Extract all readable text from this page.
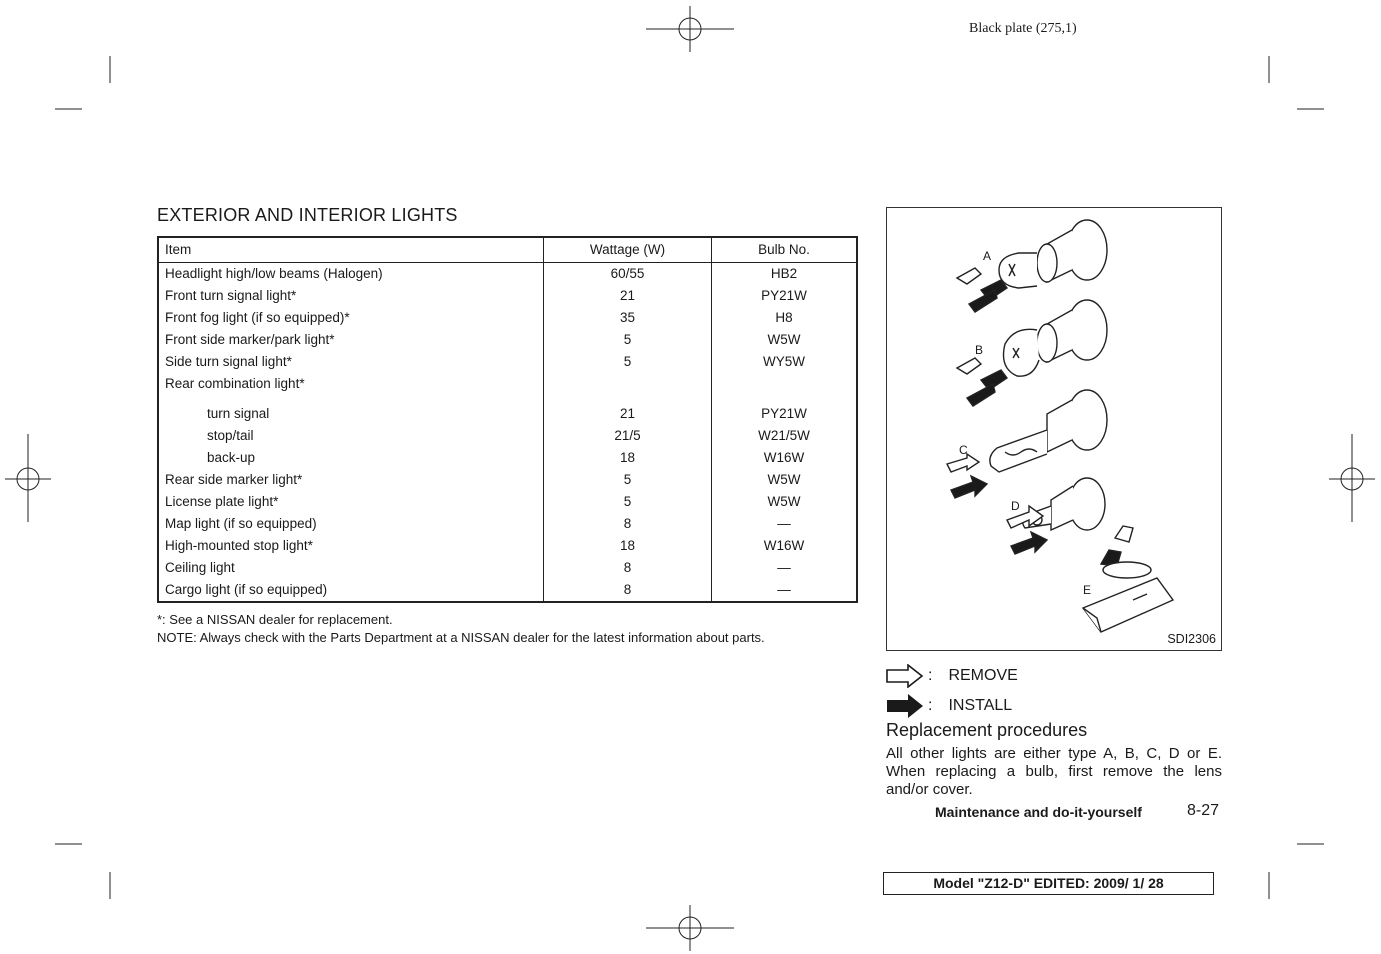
Black plate (275,1)
EXTERIOR AND INTERIOR LIGHTS
Item	Wattage (W)	Bulb No.
Headlight high/low beams (Halogen)	60/55	HB2
Front turn signal light*	21	PY21W
Front fog light (if so equipped)*	35	H8
Front side marker/park light*	5	W5W
Side turn signal light*	5	WY5W
Rear combination light*		
turn signal	21	PY21W
stop/tail	21/5	W21/5W
back-up	18	W16W
Rear side marker light*	5	W5W
License plate light*	5	W5W
Map light (if so equipped)	8	—
High-mounted stop light*	18	W16W
Ceiling light	8	—
Cargo light (if so equipped)	8	—
*: See a NISSAN dealer for replacement.
NOTE: Always check with the Parts Department at a NISSAN dealer for the latest information about parts.
A
B
C
D
E
SDI2306
: REMOVE
: INSTALL
Replacement procedures
All other lights are either type A, B, C, D or E. When replacing a bulb, first remove the lens and/or cover.
Maintenance and do-it-yourself	8-27
Model "Z12-D" EDITED: 2009/ 1/ 28
